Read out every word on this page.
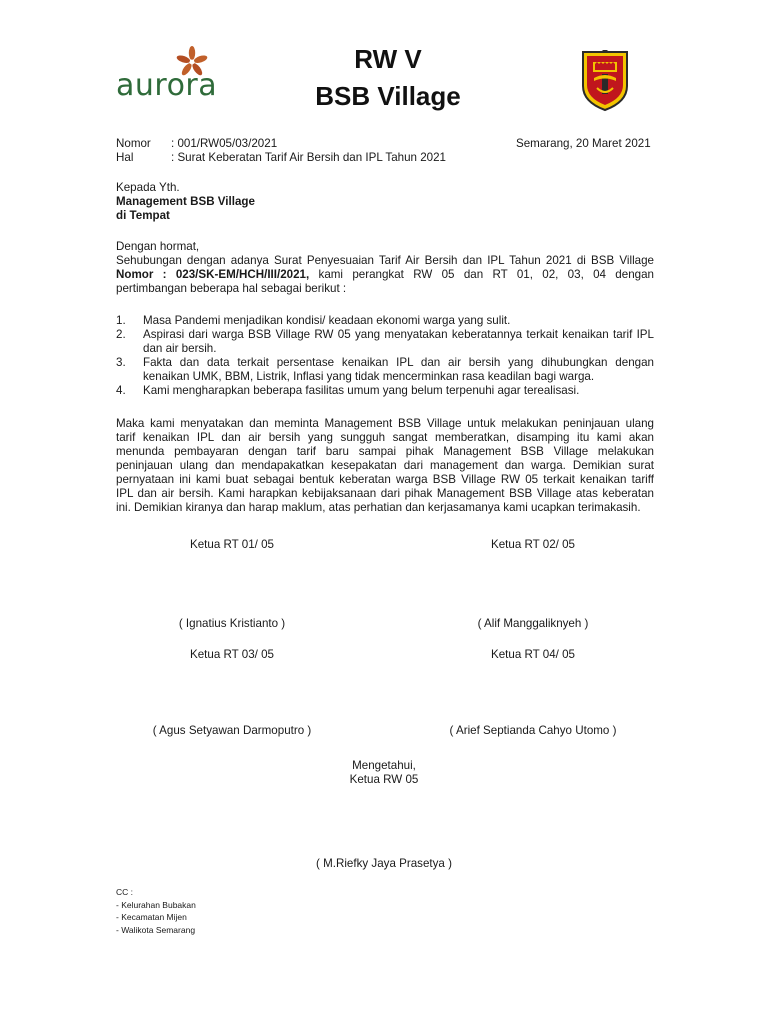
aurora
RW V
BSB Village
Nomor : 001/RW05/03/2021	Semarang, 20 Maret 2021
Hal	: Surat Keberatan Tarif Air Bersih dan IPL Tahun 2021
Kepada Yth.
Management BSB Village
di Tempat
Dengan hormat,
Sehubungan dengan adanya Surat Penyesuaian Tarif Air Bersih dan IPL Tahun 2021 di BSB Village
Nomor : 023/SK-EM/HCH/III/2021, kami perangkat RW 05 dan RT 01, 02, 03, 04 dengan
pertimbangan beberapa hal sebagai berikut :
1. Masa Pandemi menjadikan kondisi/ keadaan ekonomi warga yang sulit.
2. Aspirasi dari warga BSB Village RW 05 yang menyatakan keberatannya terkait kenaikan tarif IPL
dan air bersih.
3. Fakta dan data terkait persentase kenaikan IPL dan air bersih yang dihubungkan dengan
kenaikan UMK, BBM, Listrik, Inflasi yang tidak mencerminkan rasa keadilan bagi warga.
4. Kami mengharapkan beberapa fasilitas umum yang belum terpenuhi agar terealisasi.
Maka kami menyatakan dan meminta Management BSB Village untuk melakukan peninjauan ulang
tarif kenaikan IPL dan air bersih yang sungguh sangat memberatkan, disamping itu kami akan
menunda pembayaran dengan tarif baru sampai pihak Management BSB Village melakukan
peninjauan ulang dan mendapakatkan kesepakatan dari management dan warga. Demikian surat
pernyataan ini kami buat sebagai bentuk keberatan warga BSB Village RW 05 terkait kenaikan tariff
IPL dan air bersih. Kami harapkan kebijaksanaan dari pihak Management BSB Village atas keberatan
ini. Demikian kiranya dan harap maklum, atas perhatian dan kerjasamanya kami ucapkan terimakasih.
Ketua RT 01/ 05	Ketua RT 02/ 05
( Ignatius Kristianto )	( Alif Manggaliknyeh )
Ketua RT 03/ 05	Ketua RT 04/ 05
( Agus Setyawan Darmoputro )	( Arief Septianda Cahyo Utomo )
Mengetahui,
Ketua RW 05
( M.Riefky Jaya Prasetya )
CC :
- Kelurahan Bubakan
- Kecamatan Mijen
- Walikota Semarang
